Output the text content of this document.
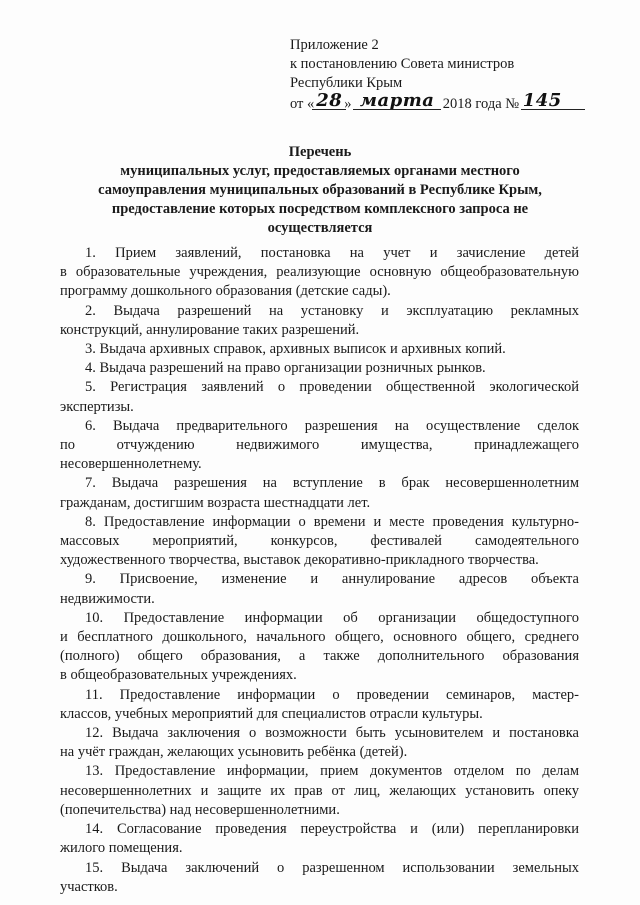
Приложение 2
к постановлению Совета министров
Республики Крым
от « 28 » марта 2018 года № 145
Перечень
муниципальных услуг, предоставляемых органами местного
самоуправления муниципальных образований в Республике Крым,
предоставление которых посредством комплексного запроса не
осуществляется
1. Прием заявлений, постановка на учет и зачисление детей
в образовательные учреждения, реализующие основную общеобразовательную
программу дошкольного образования (детские сады).
2. Выдача разрешений на установку и эксплуатацию рекламных
конструкций, аннулирование таких разрешений.
3. Выдача архивных справок, архивных выписок и архивных копий.
4. Выдача разрешений на право организации розничных рынков.
5. Регистрация заявлений о проведении общественной экологической
экспертизы.
6. Выдача предварительного разрешения на осуществление сделок
по отчуждению недвижимого имущества, принадлежащего
несовершеннолетнему.
7. Выдача разрешения на вступление в брак несовершеннолетним
гражданам, достигшим возраста шестнадцати лет.
8. Предоставление информации о времени и месте проведения культурно-
массовых мероприятий, конкурсов, фестивалей самодеятельного
художественного творчества, выставок декоративно-прикладного творчества.
9. Присвоение, изменение и аннулирование адресов объекта
недвижимости.
10. Предоставление информации об организации общедоступного
и бесплатного дошкольного, начального общего, основного общего, среднего
(полного) общего образования, а также дополнительного образования
в общеобразовательных учреждениях.
11. Предоставление информации о проведении семинаров, мастер-
классов, учебных мероприятий для специалистов отрасли культуры.
12. Выдача заключения о возможности быть усыновителем и постановка
на учёт граждан, желающих усыновить ребёнка (детей).
13. Предоставление информации, прием документов отделом по делам
несовершеннолетних и защите их прав от лиц, желающих установить опеку
(попечительства) над несовершеннолетними.
14. Согласование проведения переустройства и (или) перепланировки
жилого помещения.
15. Выдача заключений о разрешенном использовании земельных
участков.
